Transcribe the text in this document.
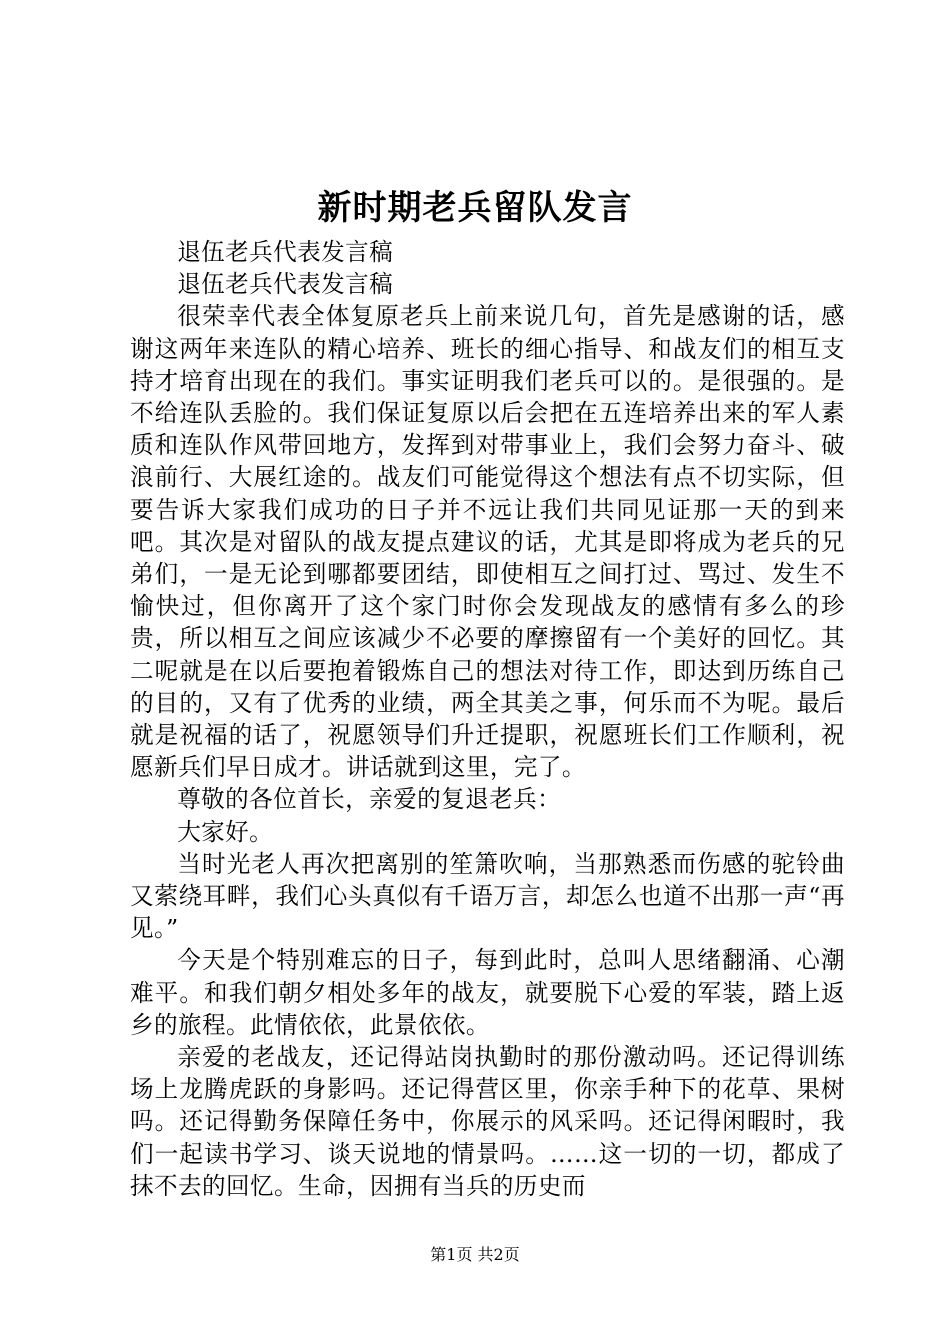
新时期老兵留队发言

退伍老兵代表发言稿

退伍老兵代表发言稿

很荣幸代表全体复原老兵上前来说几句，首先是感谢的话，感谢这两年来连队的精心培养、班长的细心指导、和战友们的相互支持才培育出现在的我们。事实证明我们老兵可以的。是很强的。是不给连队丢脸的。我们保证复原以后会把在五连培养出来的军人素质和连队作风带回地方，发挥到对带事业上，我们会努力奋斗、破浪前行、大展红途的。战友们可能觉得这个想法有点不切实际，但要告诉大家我们成功的日子并不远让我们共同见证那一天的到来吧。其次是对留队的战友提点建议的话，尤其是即将成为老兵的兄弟们，一是无论到哪都要团结，即使相互之间打过、骂过、发生不愉快过，但你离开了这个家门时你会发现战友的感情有多么的珍贵，所以相互之间应该减少不必要的摩擦留有一个美好的回忆。其二呢就是在以后要抱着锻炼自己的想法对待工作，即达到历练自己的目的，又有了优秀的业绩，两全其美之事，何乐而不为呢。最后就是祝福的话了，祝愿领导们升迁提职，祝愿班长们工作顺利，祝愿新兵们早日成才。讲话就到这里，完了。

尊敬的各位首长，亲爱的复退老兵：

大家好。

当时光老人再次把离别的笙箫吹响，当那熟悉而伤感的驼铃曲又萦绕耳畔，我们心头真似有千语万言，却怎么也道不出那一声“再见。”

今天是个特别难忘的日子，每到此时，总叫人思绪翻涌、心潮难平。和我们朝夕相处多年的战友，就要脱下心爱的军装，踏上返乡的旅程。此情依依，此景依依。

亲爱的老战友，还记得站岗执勤时的那份激动吗。还记得训练场上龙腾虎跃的身影吗。还记得营区里，你亲手种下的花草、果树吗。还记得勤务保障任务中，你展示的风采吗。还记得闲暇时，我们一起读书学习、谈天说地的情景吗。……这一切的一切，都成了抹不去的回忆。生命，因拥有当兵的历史而

第1页 共2页
